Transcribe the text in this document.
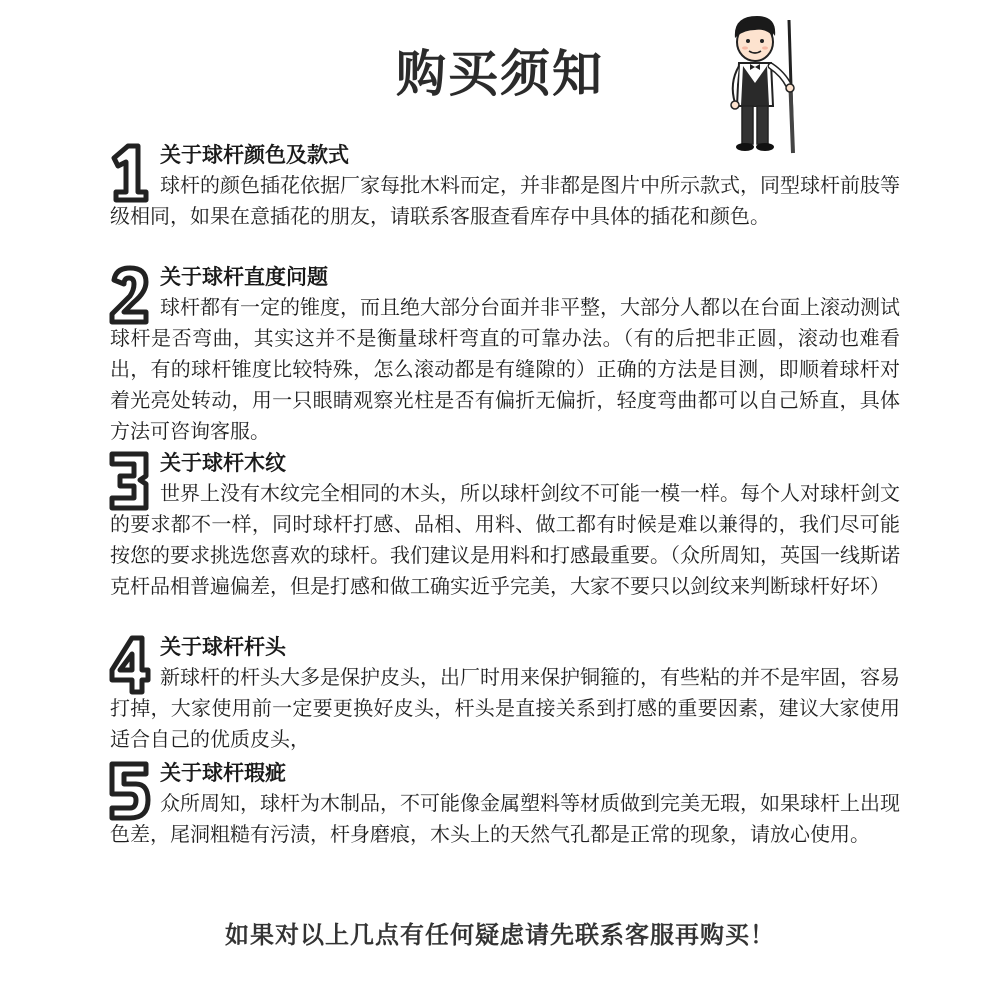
购买须知
关于球杆颜色及款式

球杆的颜色插花依据厂家每批木料而定，并非都是图片中所示款式，同型球杆前肢等级相同，如果在意插花的朋友，请联系客服查看库存中具体的插花和颜色。

关于球杆直度问题

球杆都有一定的锥度，而且绝大部分台面并非平整，大部分人都以在台面上滚动测试球杆是否弯曲，其实这并不是衡量球杆弯直的可靠办法。（有的后把非正圆，滚动也难看出，有的球杆锥度比较特殊，怎么滚动都是有缝隙的）正确的方法是目测，即顺着球杆对着光亮处转动，用一只眼睛观察光柱是否有偏折无偏折，轻度弯曲都可以自己矫直，具体方法可咨询客服。

关于球杆木纹

世界上没有木纹完全相同的木头，所以球杆剑纹不可能一模一样。每个人对球杆剑文的要求都不一样，同时球杆打感、品相、用料、做工都有时候是难以兼得的，我们尽可能按您的要求挑选您喜欢的球杆。我们建议是用料和打感最重要。（众所周知，英国一线斯诺克杆品相普遍偏差，但是打感和做工确实近乎完美，大家不要只以剑纹来判断球杆好坏）

关于球杆杆头

新球杆的杆头大多是保护皮头，出厂时用来保护铜箍的，有些粘的并不是牢固，容易打掉，大家使用前一定要更换好皮头，杆头是直接关系到打感的重要因素，建议大家使用适合自己的优质皮头，

关于球杆瑕疵

众所周知，球杆为木制品，不可能像金属塑料等材质做到完美无瑕，如果球杆上出现色差，尾洞粗糙有污渍，杆身磨痕，木头上的天然气孔都是正常的现象，请放心使用。

如果对以上几点有任何疑虑请先联系客服再购买！
